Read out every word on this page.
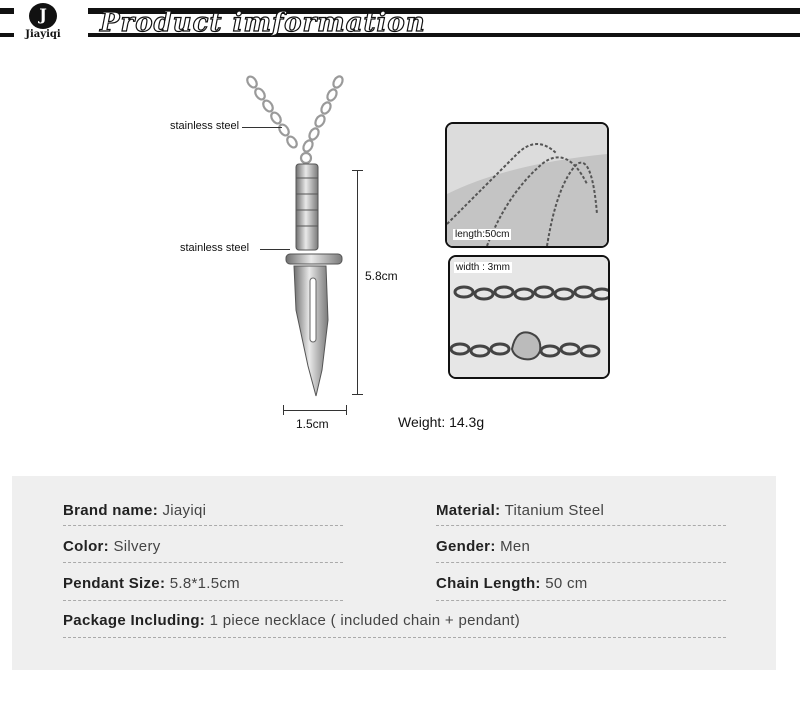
Product imformation
J
Jiayiqi
stainless steel
stainless steel
5.8cm
1.5cm	Weight: 14.3g
length:50cm
width : 3mm
Brand name: Jiayiqi	Material: Titanium Steel
Color: Silvery	Gender: Men
Pendant Size: 5.8*1.5cm	Chain Length: 50 cm
Package Including: 1 piece necklace ( included chain + pendant)
